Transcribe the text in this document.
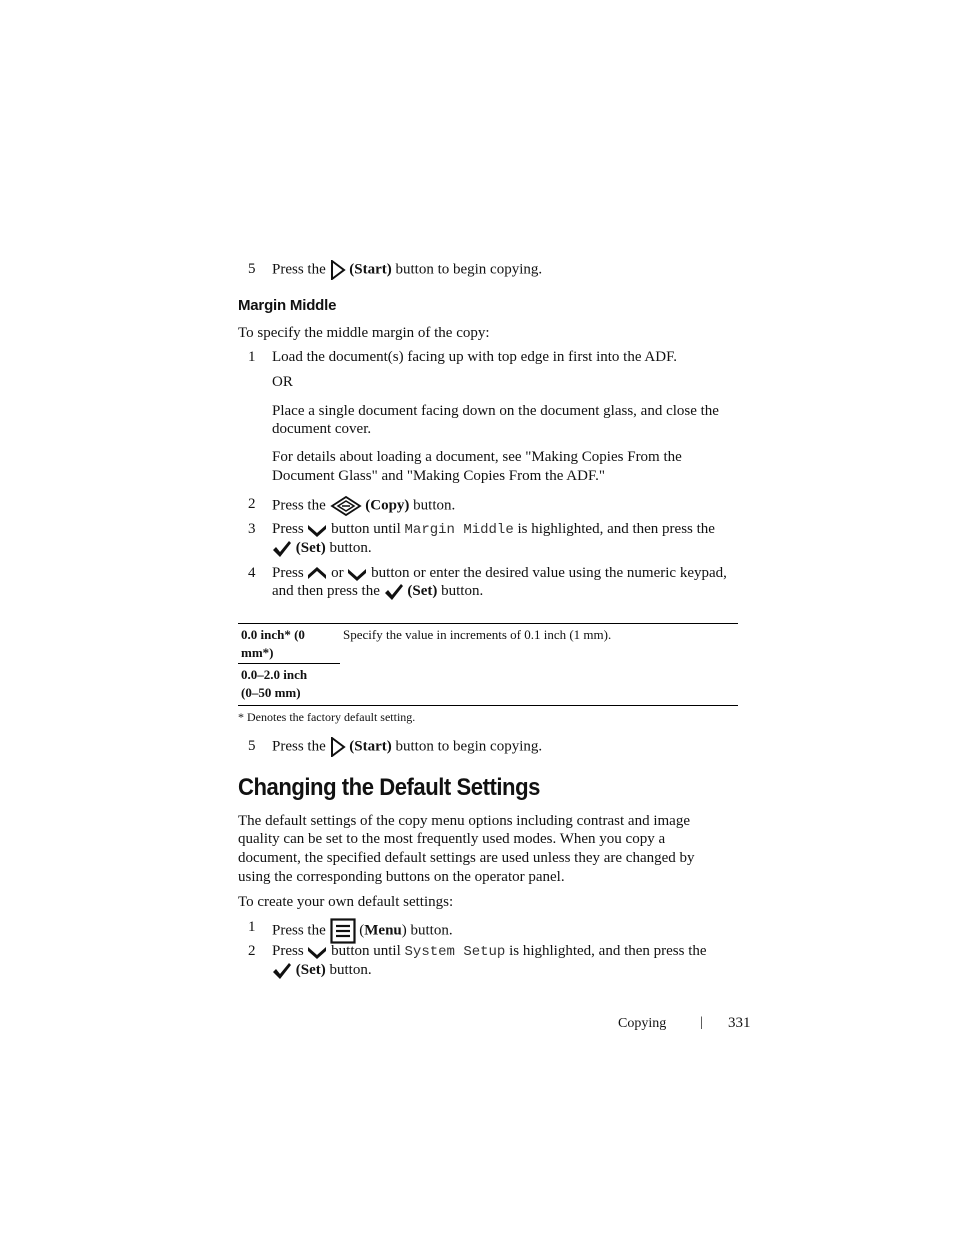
5 Press the (Start) button to begin copying.
Margin Middle
To specify the middle margin of the copy:
1 Load the document(s) facing up with top edge in first into the ADF.
OR
Place a single document facing down on the document glass, and close the
document cover.
For details about loading a document, see "Making Copies From the
Document Glass" and "Making Copies From the ADF."
2 Press the	(Copy) button.
3 Press button until Margin Middle is highlighted, and then press the
(Set) button.
4 Press or button or enter the desired value using the numeric keypad,
and then press the (Set) button.
0.0 inch* (0
mm*)
Specify the value in increments of 0.1 inch (1 mm).
0.0–2.0 inch
(0–50 mm)
* Denotes the factory default setting.
5 Press the (Start) button to begin copying.
Changing the Default Settings
The default settings of the copy menu options including contrast and image
quality can be set to the most frequently used modes. When you copy a
document, the specified default settings are used unless they are changed by
using the corresponding buttons on the operator panel.
To create your own default settings:
1 Press the (Menu) button.
2 Press button until System Setup is highlighted, and then press the
(Set) button.
Copying | 331
